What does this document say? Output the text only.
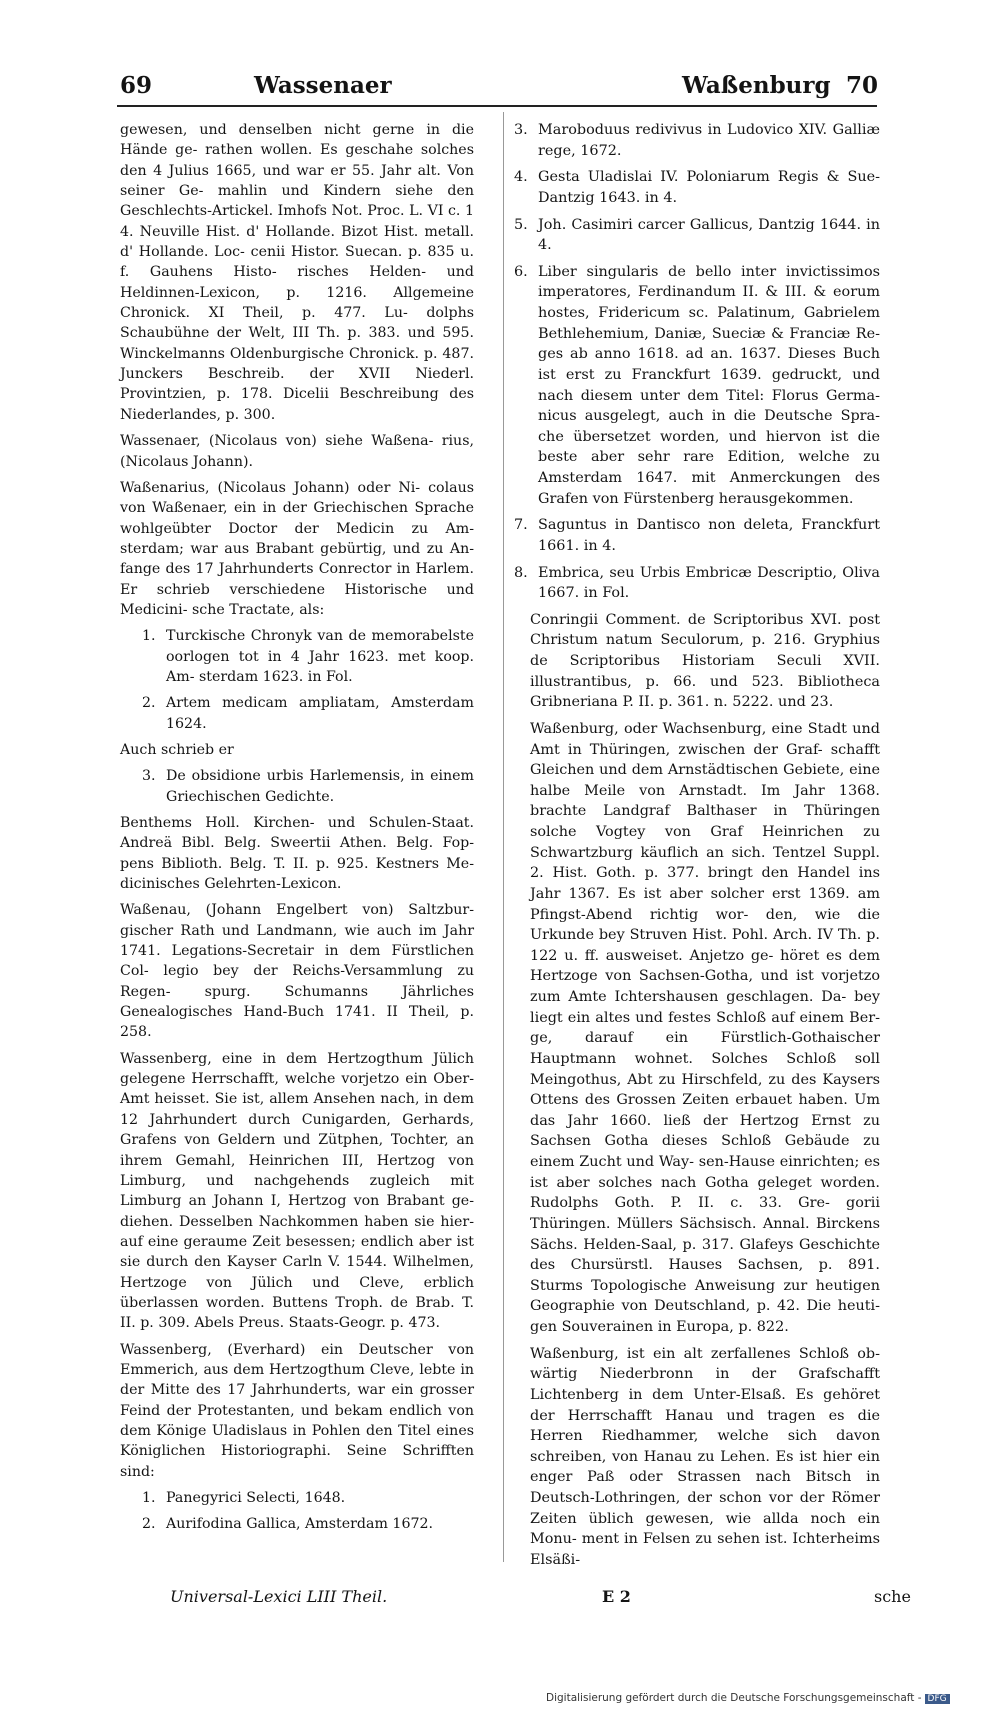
69	Wassenaer	Waßenburg 70

gewesen, und denselben nicht gerne in die Hände ge- rathen wollen. Es geschahe solches den 4 Julius 1665, und war er 55. Jahr alt. Von seiner Ge- mahlin und Kindern siehe den Geschlechts-Artickel. Imhofs Not. Proc. L. VI c. 1 4. Neuville Hist. d' Hollande. Bizot Hist. metall. d' Hollande. Loc- cenii Histor. Suecan. p. 835 u. f. Gauhens Histo- risches Helden- und Heldinnen-Lexicon, p. 1216. Allgemeine Chronick. XI Theil, p. 477. Lu- dolphs Schaubühne der Welt, III Th. p. 383. und 595. Winckelmanns Oldenburgische Chronick. p. 487. Junckers Beschreib. der XVII Niederl. Provintzien, p. 178. Dicelii Beschreibung des Niederlandes, p. 300.

Wassenaer, (Nicolaus von) siehe Waßena- rius, (Nicolaus Johann).

Waßenarius, (Nicolaus Johann) oder Ni- colaus von Waßenaer, ein in der Griechischen Sprache wohlgeübter Doctor der Medicin zu Am- sterdam; war aus Brabant gebürtig, und zu An- fange des 17 Jahrhunderts Conrector in Harlem. Er schrieb verschiedene Historische und Medicini- sche Tractate, als:

1. Turckische Chronyk van de memorabelste oorlogen tot in 4 Jahr 1623. met koop. Am- sterdam 1623. in Fol.
2. Artem medicam ampliatam, Amsterdam 1624.

Auch schrieb er

3. De obsidione urbis Harlemensis, in einem Griechischen Gedichte.

Benthems Holl. Kirchen- und Schulen-Staat. Andreä Bibl. Belg. Sweertii Athen. Belg. Fop- pens Biblioth. Belg. T. II. p. 925. Kestners Me- dicinisches Gelehrten-Lexicon.

Waßenau, (Johann Engelbert von) Saltzbur- gischer Rath und Landmann, wie auch im Jahr 1741. Legations-Secretair in dem Fürstlichen Col- legio bey der Reichs-Versammlung zu Regen- spurg. Schumanns Jährliches Genealogisches Hand-Buch 1741. II Theil, p. 258.

Wassenberg, eine in dem Hertzogthum Jülich gelegene Herrschafft, welche vorjetzo ein Ober-Amt heisset. Sie ist, allem Ansehen nach, in dem 12 Jahrhundert durch Cunigarden, Gerhards, Grafens von Geldern und Zütphen, Tochter, an ihrem Gemahl, Heinrichen III, Hertzog von Limburg, und nachgehends zugleich mit Limburg an Johann I, Hertzog von Brabant ge- diehen. Desselben Nachkommen haben sie hier- auf eine geraume Zeit besessen; endlich aber ist sie durch den Kayser Carln V. 1544. Wilhelmen, Hertzoge von Jülich und Cleve, erblich überlassen worden. Buttens Troph. de Brab. T. II. p. 309. Abels Preus. Staats-Geogr. p. 473.

Wassenberg, (Everhard) ein Deutscher von Emmerich, aus dem Hertzogthum Cleve, lebte in der Mitte des 17 Jahrhunderts, war ein grosser Feind der Protestanten, und bekam endlich von dem Könige Uladislaus in Pohlen den Titel eines Königlichen Historiographi. Seine Schrifften sind:

1. Panegyrici Selecti, 1648.
2. Aurifodina Gallica, Amsterdam 1672.
3. Maroboduus redivivus in Ludovico XIV. Galliæ rege, 1672.
4. Gesta Uladislai IV. Poloniarum Regis & Sue- Dantzig 1643. in 4.
5. Joh. Casimiri carcer Gallicus, Dantzig 1644. in 4.
6. Liber singularis de bello inter invictissimos imperatores, Ferdinandum II. & III. & eorum hostes, Fridericum sc. Palatinum, Gabrielem Bethlehemium, Daniæ, Sueciæ & Franciæ Re- ges ab anno 1618. ad an. 1637. Dieses Buch ist erst zu Franckfurt 1639. gedruckt, und nach diesem unter dem Titel: Florus Germa- nicus ausgelegt, auch in die Deutsche Spra- che übersetzet worden, und hiervon ist die beste aber sehr rare Edition, welche zu Amsterdam 1647. mit Anmerckungen des Grafen von Fürstenberg herausgekommen.
7. Saguntus in Dantisco non deleta, Franckfurt 1661. in 4.
8. Embrica, seu Urbis Embricæ Descriptio, Oliva 1667. in Fol.

Conringii Comment. de Scriptoribus XVI. post Christum natum Seculorum, p. 216. Gryphius de Scriptoribus Historiam Seculi XVII. illustrantibus, p. 66. und 523. Bibliotheca Gribneriana P. II. p. 361. n. 5222. und 23.

Waßenburg, oder Wachsenburg, eine Stadt und Amt in Thüringen, zwischen der Graf- schafft Gleichen und dem Arnstädtischen Gebiete, eine halbe Meile von Arnstadt. Im Jahr 1368. brachte Landgraf Balthaser in Thüringen solche Vogtey von Graf Heinrichen zu Schwartzburg käuflich an sich. Tentzel Suppl. 2. Hist. Goth. p. 377. bringt den Handel ins Jahr 1367. Es ist aber solcher erst 1369. am Pfingst-Abend richtig wor- den, wie die Urkunde bey Struven Hist. Pohl. Arch. IV Th. p. 122 u. ff. ausweiset. Anjetzo ge- höret es dem Hertzoge von Sachsen-Gotha, und ist vorjetzo zum Amte Ichtershausen geschlagen. Da- bey liegt ein altes und festes Schloß auf einem Ber- ge, darauf ein Fürstlich-Gothaischer Hauptmann wohnet. Solches Schloß soll Meingothus, Abt zu Hirschfeld, zu des Kaysers Ottens des Grossen Zeiten erbauet haben. Um das Jahr 1660. ließ der Hertzog Ernst zu Sachsen Gotha dieses Schloß Gebäude zu einem Zucht und Way- sen-Hause einrichten; es ist aber solches nach Gotha geleget worden. Rudolphs Goth. P. II. c. 33. Gre- gorii Thüringen. Müllers Sächsisch. Annal. Birckens Sächs. Helden-Saal, p. 317. Glafeys Geschichte des Chursürstl. Hauses Sachsen, p. 891. Sturms Topologische Anweisung zur heutigen Geographie von Deutschland, p. 42. Die heuti- gen Souverainen in Europa, p. 822.

Waßenburg, ist ein alt zerfallenes Schloß ob- wärtig Niederbronn in der Grafschafft Lichtenberg in dem Unter-Elsaß. Es gehöret der Herrschafft Hanau und tragen es die Herren Riedhammer, welche sich davon schreiben, von Hanau zu Lehen. Es ist hier ein enger Paß oder Strassen nach Bitsch in Deutsch-Lothringen, der schon vor der Römer Zeiten üblich gewesen, wie allda noch ein Monu- ment in Felsen zu sehen ist. Ichterheims Elsäßi-

Universal-Lexici LIII Theil.	E 2	sche
Digitalisierung gefördert durch die Deutsche Forschungsgemeinschaft - DFG
